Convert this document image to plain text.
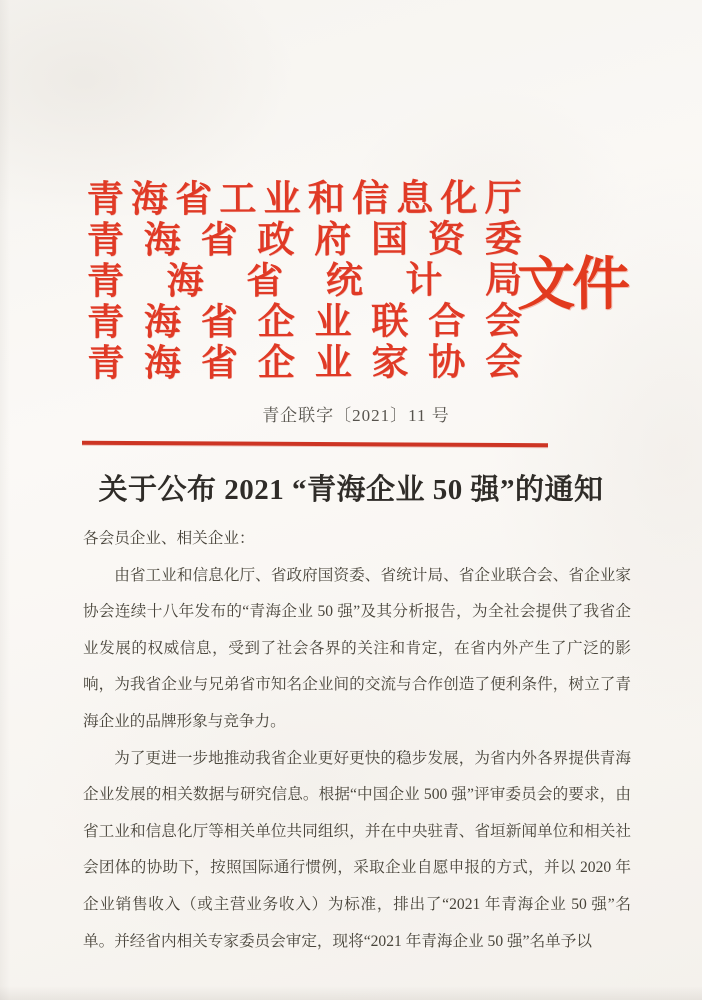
青 海 省 工 业 和 信 息 化 厅
青 海 省 政 府 国 资 委
青 海 省 统 计 局
青 海 省 企 业 联 合 会
青 海 省 企 业 家 协 会
文件
青企联字〔2021〕11 号
关于公布 2021 “青海企业 50 强”的通知

各会员企业、相关企业：

由省工业和信息化厅、省政府国资委、省统计局、省企业联合会、省企业家协会连续十八年发布的“青海企业 50 强”及其分析报告，为全社会提供了我省企业发展的权威信息，受到了社会各界的关注和肯定，在省内外产生了广泛的影响，为我省企业与兄弟省市知名企业间的交流与合作创造了便利条件，树立了青海企业的品牌形象与竞争力。

为了更进一步地推动我省企业更好更快的稳步发展，为省内外各界提供青海企业发展的相关数据与研究信息。根据“中国企业 500 强”评审委员会的要求，由省工业和信息化厅等相关单位共同组织，并在中央驻青、省垣新闻单位和相关社会团体的协助下，按照国际通行惯例，采取企业自愿申报的方式，并以 2020 年企业销售收入（或主营业务收入）为标准，排出了“2021 年青海企业 50 强”名单。并经省内相关专家委员会审定，现将“2021 年青海企业 50 强”名单予以
